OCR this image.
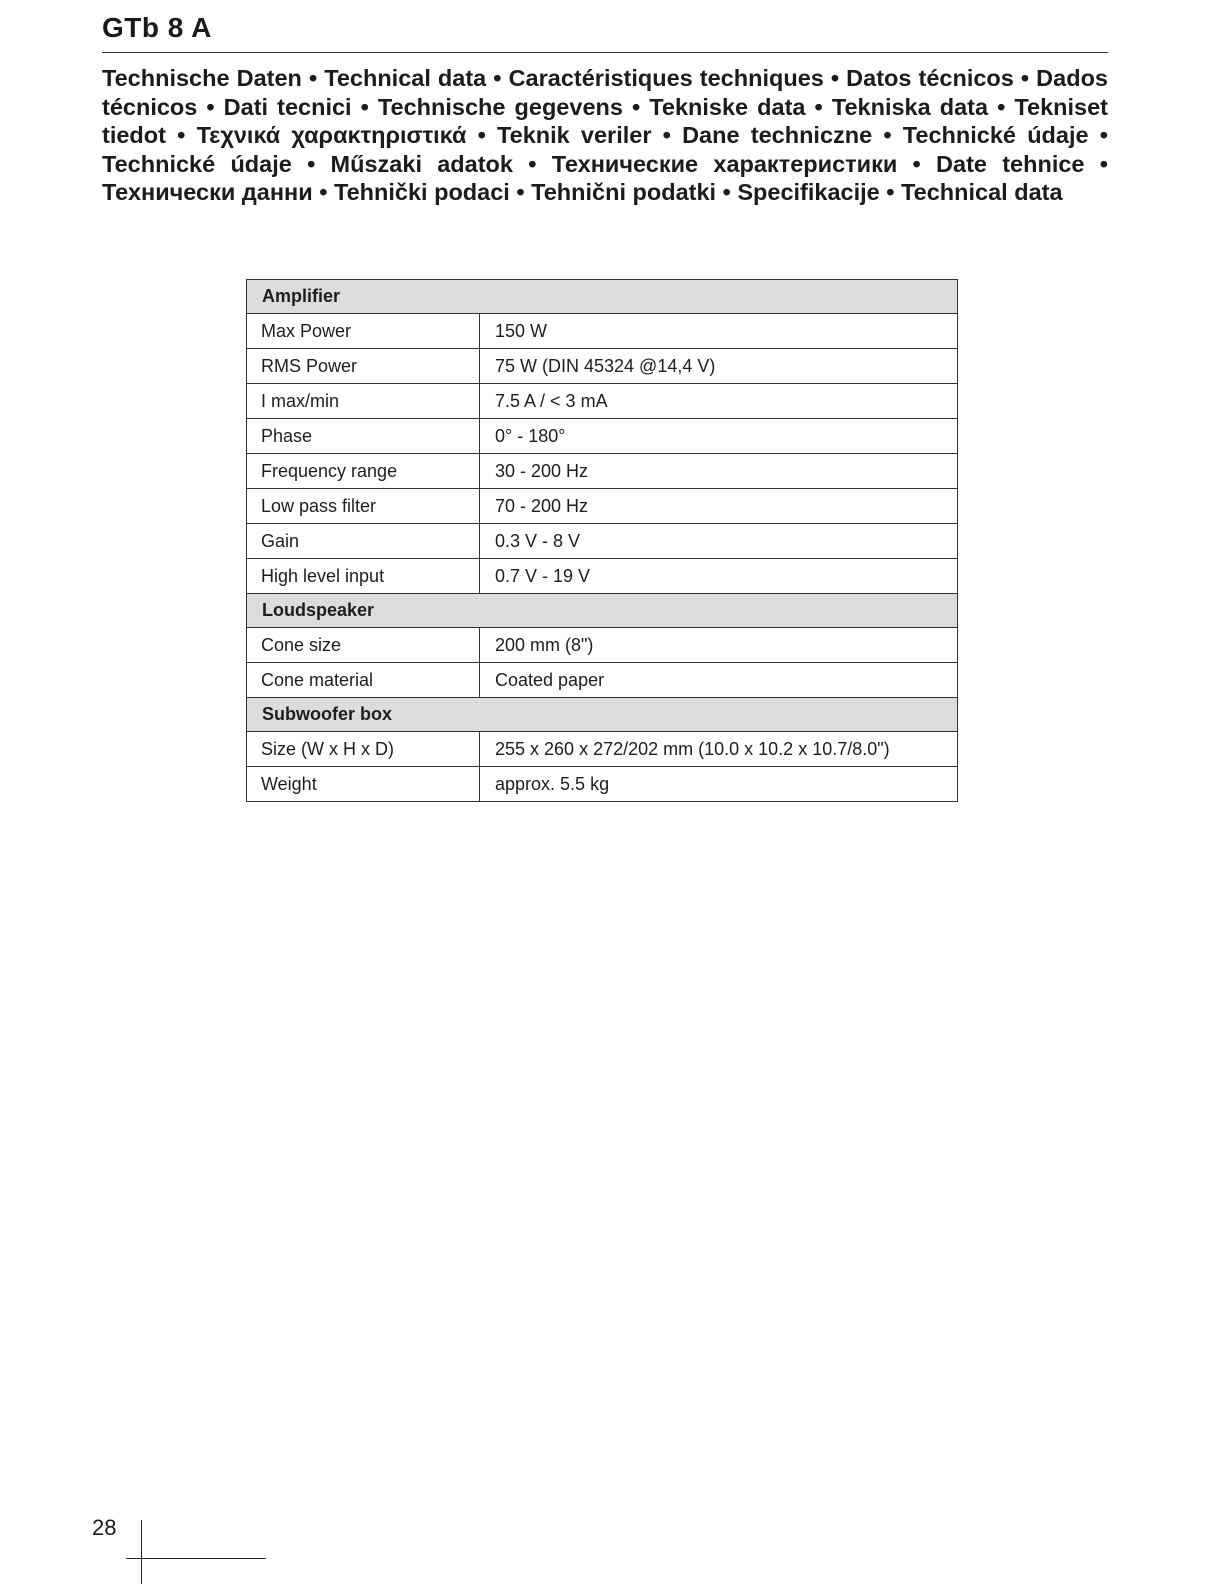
GTb 8 A
Technische Daten • Technical data • Caractéristiques techniques • Datos técnicos • Dados técnicos • Dati tecnici • Technische gegevens • Tekniske data • Tekniska data • Tekniset tiedot • Τεχνικά χαρακτηριστικά • Teknik veriler • Dane techniczne • Technické údaje • Technické údaje • Műszaki adatok • Технические характеристики • Date tehnice • Технически данни • Tehnički podaci • Tehnični podatki • Specifikacije • Technical data
Amplifier	
Max Power	150 W
RMS Power	75 W (DIN 45324 @14,4 V)
I max/min	7.5 A / < 3 mA
Phase	0° - 180°
Frequency range	30 - 200 Hz
Low pass filter	70 - 200 Hz
Gain	0.3 V - 8 V
High level input	0.7 V - 19 V
Loudspeaker	
Cone size	200 mm (8")
Cone material	Coated paper
Subwoofer box	
Size (W x H x D)	255 x 260 x 272/202 mm (10.0 x 10.2 x 10.7/8.0")
Weight	approx. 5.5 kg
28
